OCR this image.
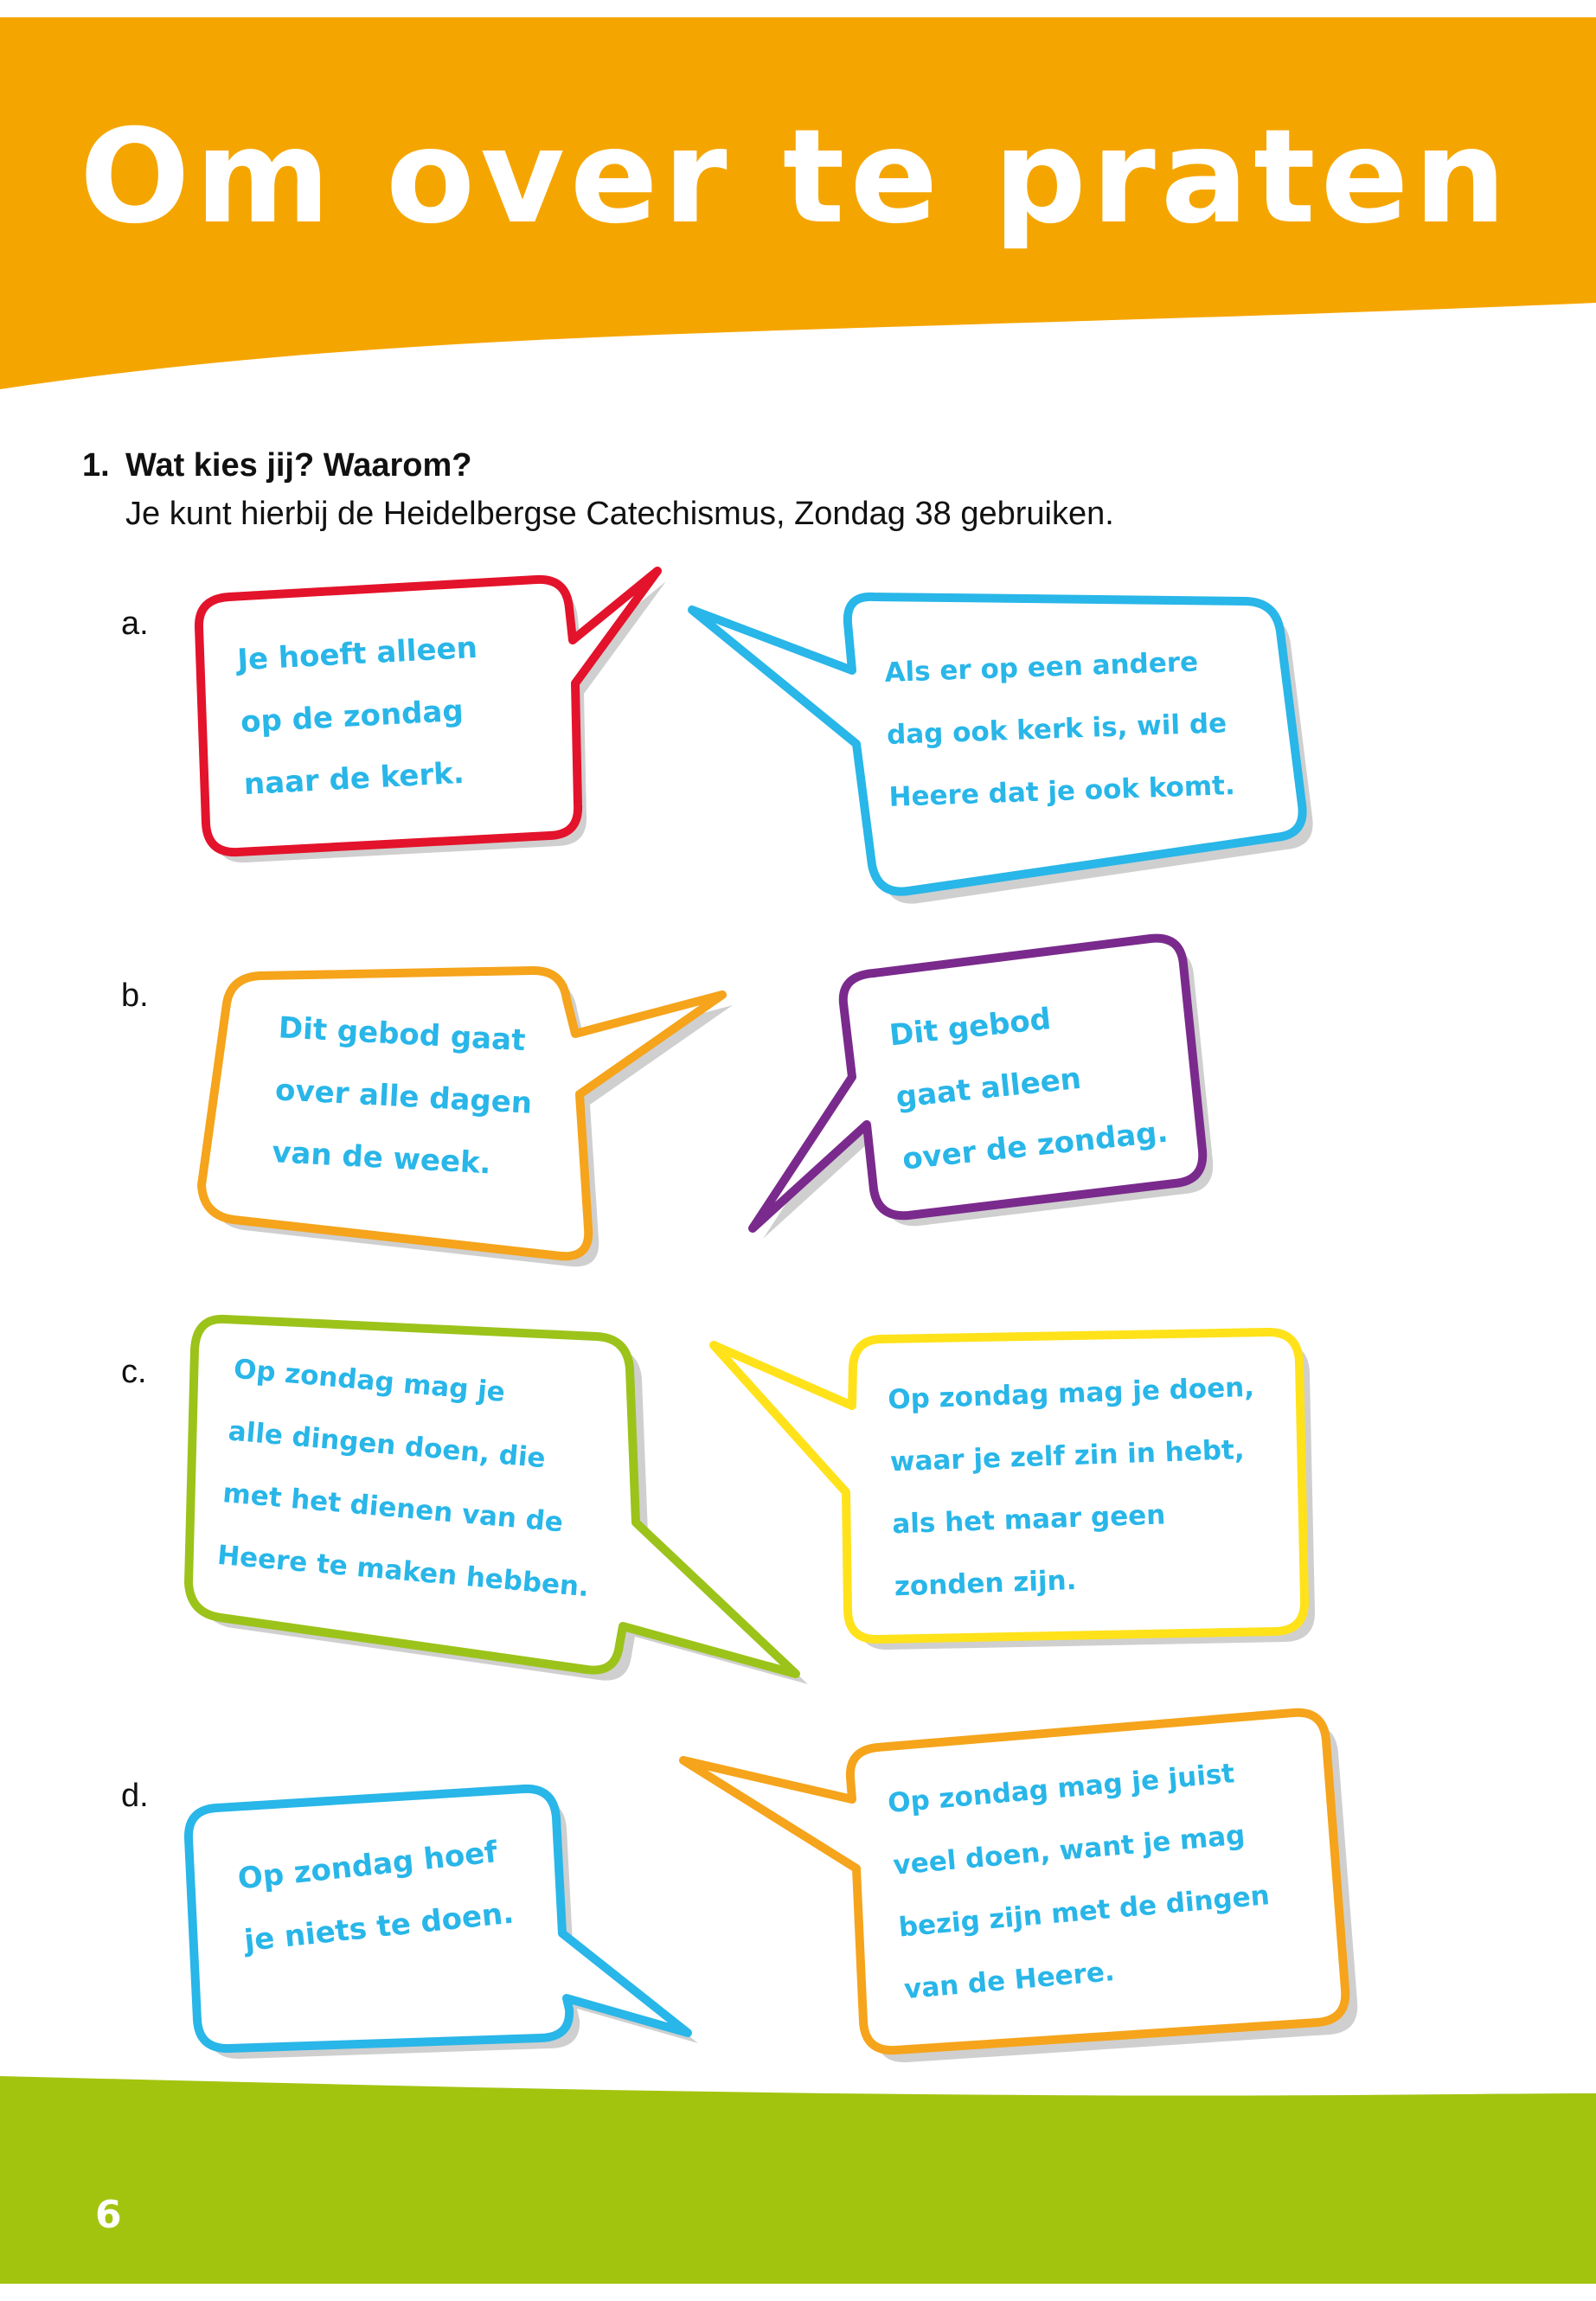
Om over te praten
1. Wat kies jij? Waarom?
Je kunt hierbij de Heidelbergse Catechismus, Zondag 38 gebruiken.
a.
b.
c.
d.
Je hoeft alleen
op de zondag
naar de kerk.
Als er op een andere
dag ook kerk is, wil de
Heere dat je ook komt.
Dit gebod gaat
over alle dagen
van de week.
Dit gebod
gaat alleen
over de zondag.
Op zondag mag je
alle dingen doen, die
met het dienen van de
Heere te maken hebben.
Op zondag mag je doen,
waar je zelf zin in hebt,
als het maar geen
zonden zijn.
Op zondag hoef
je niets te doen.
Op zondag mag je juist
veel doen, want je mag
bezig zijn met de dingen
van de Heere.
6
